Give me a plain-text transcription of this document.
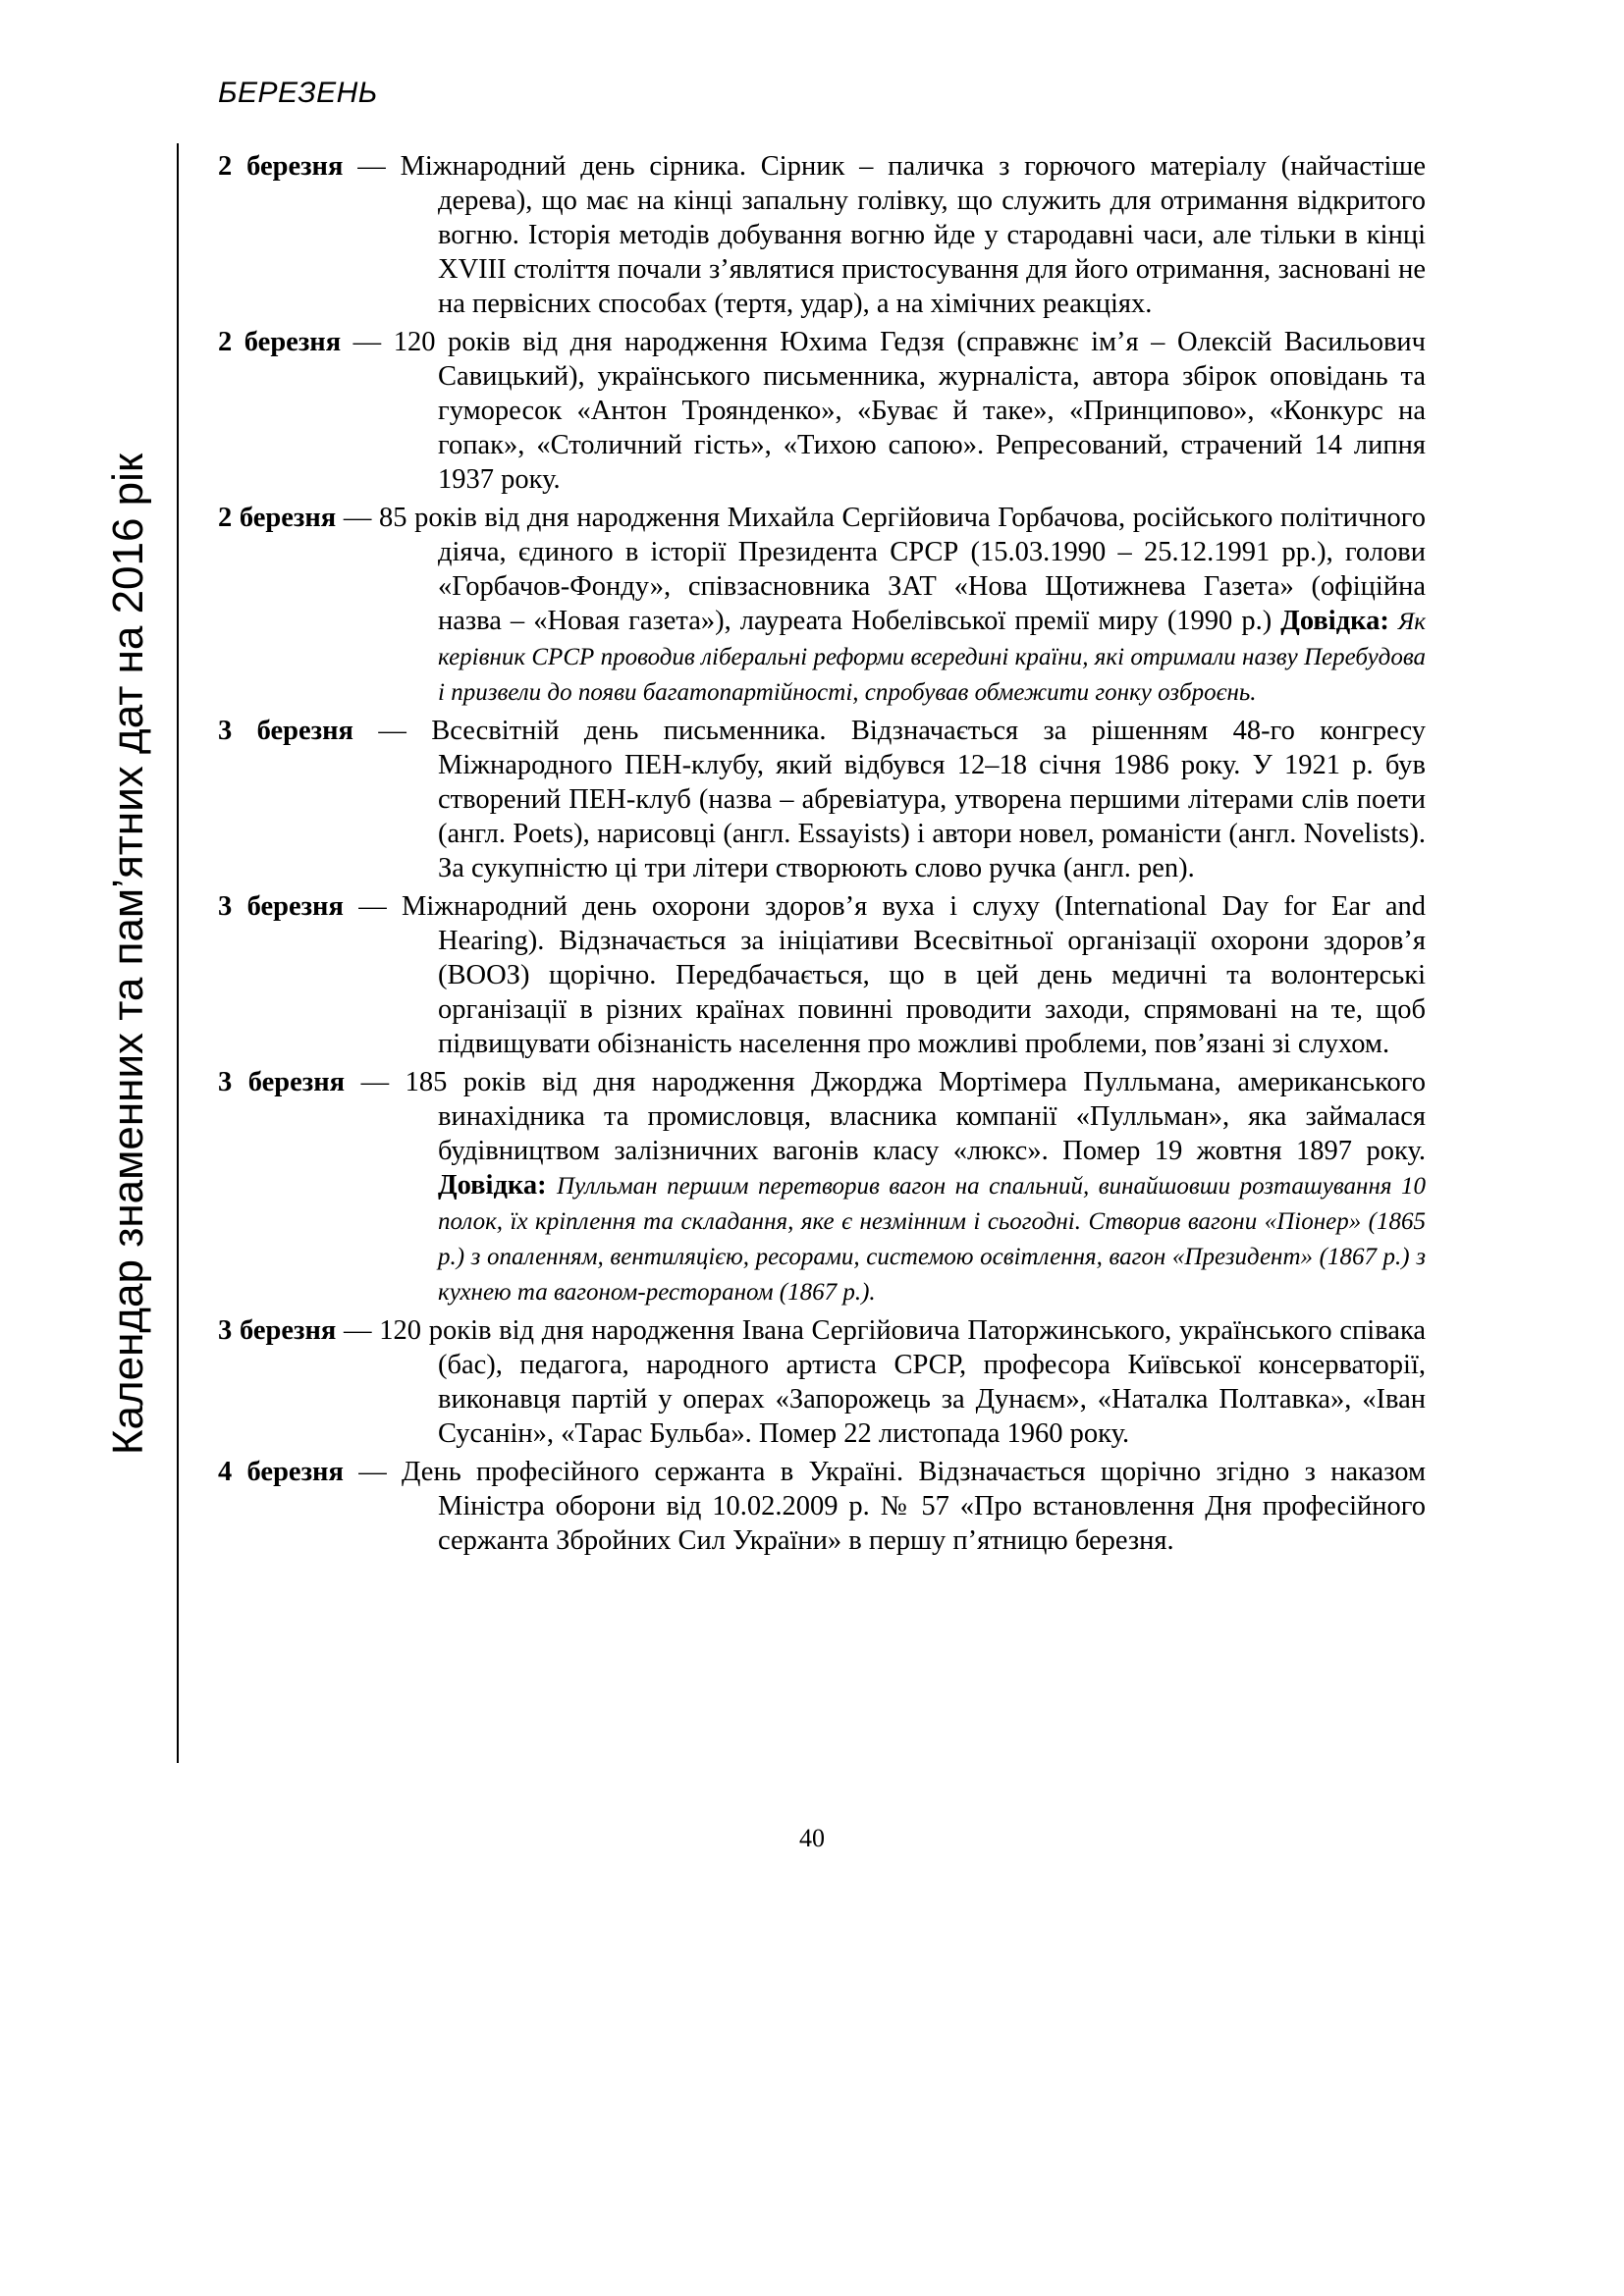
БЕРЕЗЕНЬ
Календар знаменних та пам’ятних дат на 2016 рік

2 березня — Міжнародний день сірника. Сірник – паличка з горючого матеріалу (найчастіше дерева), що має на кінці запальну голівку, що служить для отримання відкритого вогню. Історія методів добування вогню йде у стародавні часи, але тільки в кінці XVIII століття почали з’являтися пристосування для його отримання, засновані не на первісних способах (тертя, удар), а на хімічних реакціях.

2 березня — 120 років від дня народження Юхима Гедзя (справжнє ім’я – Олексій Васильович Савицький), українського письменника, журналіста, автора збірок оповідань та гуморесок «Антон Троянденко», «Буває й таке», «Принципово», «Конкурс на гопак», «Столичний гість», «Тихою сапою». Репресований, страчений 14 липня 1937 року.

2 березня — 85 років від дня народження Михайла Сергійовича Горбачова, російського політичного діяча, єдиного в історії Президента СРСР (15.03.1990 – 25.12.1991 рр.), голови «Горбачов-Фонду», співзасновника ЗАТ «Нова Щотижнева Газета» (офіційна назва – «Новая газета»), лауреата Нобелівської премії миру (1990 р.) Довідка: Як керівник СРСР проводив ліберальні реформи всередині країни, які отримали назву Перебудова і призвели до появи багатопартійності, спробував обмежити гонку озброєнь.

3 березня — Всесвітній день письменника. Відзначається за рішенням 48-го конгресу Міжнародного ПЕН-клубу, який відбувся 12–18 січня 1986 року. У 1921 р. був створений ПЕН-клуб (назва – абревіатура, утворена першими літерами слів поети (англ. Poets), нарисовці (англ. Essayists) і автори новел, романісти (англ. Novelists). За сукупністю ці три літери створюють слово ручка (англ. pen).

3 березня — Міжнародний день охорони здоров’я вуха і слуху (International Day for Ear and Hearing). Відзначається за ініціативи Всесвітньої організації охорони здоров’я (ВООЗ) щорічно. Передбачається, що в цей день медичні та волонтерські організації в різних країнах повинні проводити заходи, спрямовані на те, щоб підвищувати обізнаність населення про можливі проблеми, пов’язані зі слухом.

3 березня — 185 років від дня народження Джорджа Мортімера Пулльмана, американського винахідника та промисловця, власника компанії «Пулльман», яка займалася будівництвом залізничних вагонів класу «люкс». Помер 19 жовтня 1897 року. Довідка: Пулльман першим перетворив вагон на спальний, винайшовши розташування 10 полок, їх кріплення та складання, яке є незмінним і сьогодні. Створив вагони «Піонер» (1865 р.) з опаленням, вентиляцією, ресорами, системою освітлення, вагон «Президент» (1867 р.) з кухнею та вагоном-рестораном (1867 р.).

3 березня — 120 років від дня народження Івана Сергійовича Паторжинського, українського співака (бас), педагога, народного артиста СРСР, професора Київської консерваторії, виконавця партій у операх «Запорожець за Дунаєм», «Наталка Полтавка», «Іван Сусанін», «Тарас Бульба». Помер 22 листопада 1960 року.

4 березня — День професійного сержанта в Україні. Відзначається щорічно згідно з наказом Міністра оборони від 10.02.2009 р. № 57 «Про встановлення Дня професійного сержанта Збройних Сил України» в першу п’ятницю березня.

40
